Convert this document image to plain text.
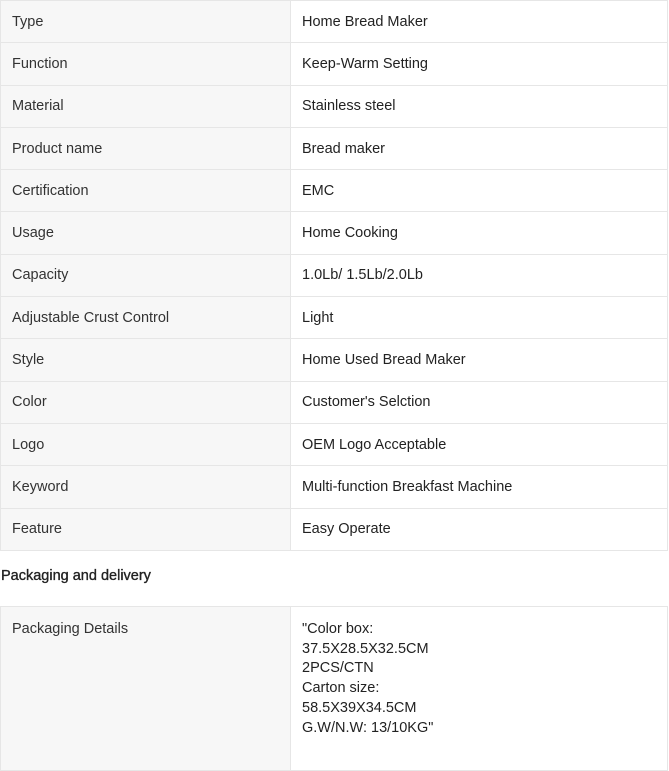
Type	Home Bread Maker
Function	Keep-Warm Setting
Material	Stainless steel
Product name	Bread maker
Certification	EMC
Usage	Home Cooking
Capacity	1.0Lb/ 1.5Lb/2.0Lb
Adjustable Crust Control	Light
Style	Home Used Bread Maker
Color	Customer's Selction
Logo	OEM Logo Acceptable
Keyword	Multi-function Breakfast Machine
Feature	Easy Operate
Packaging and delivery
Packaging Details	"Color box:
37.5X28.5X32.5CM
2PCS/CTN
Carton size:
58.5X39X34.5CM
G.W/N.W: 13/10KG"
